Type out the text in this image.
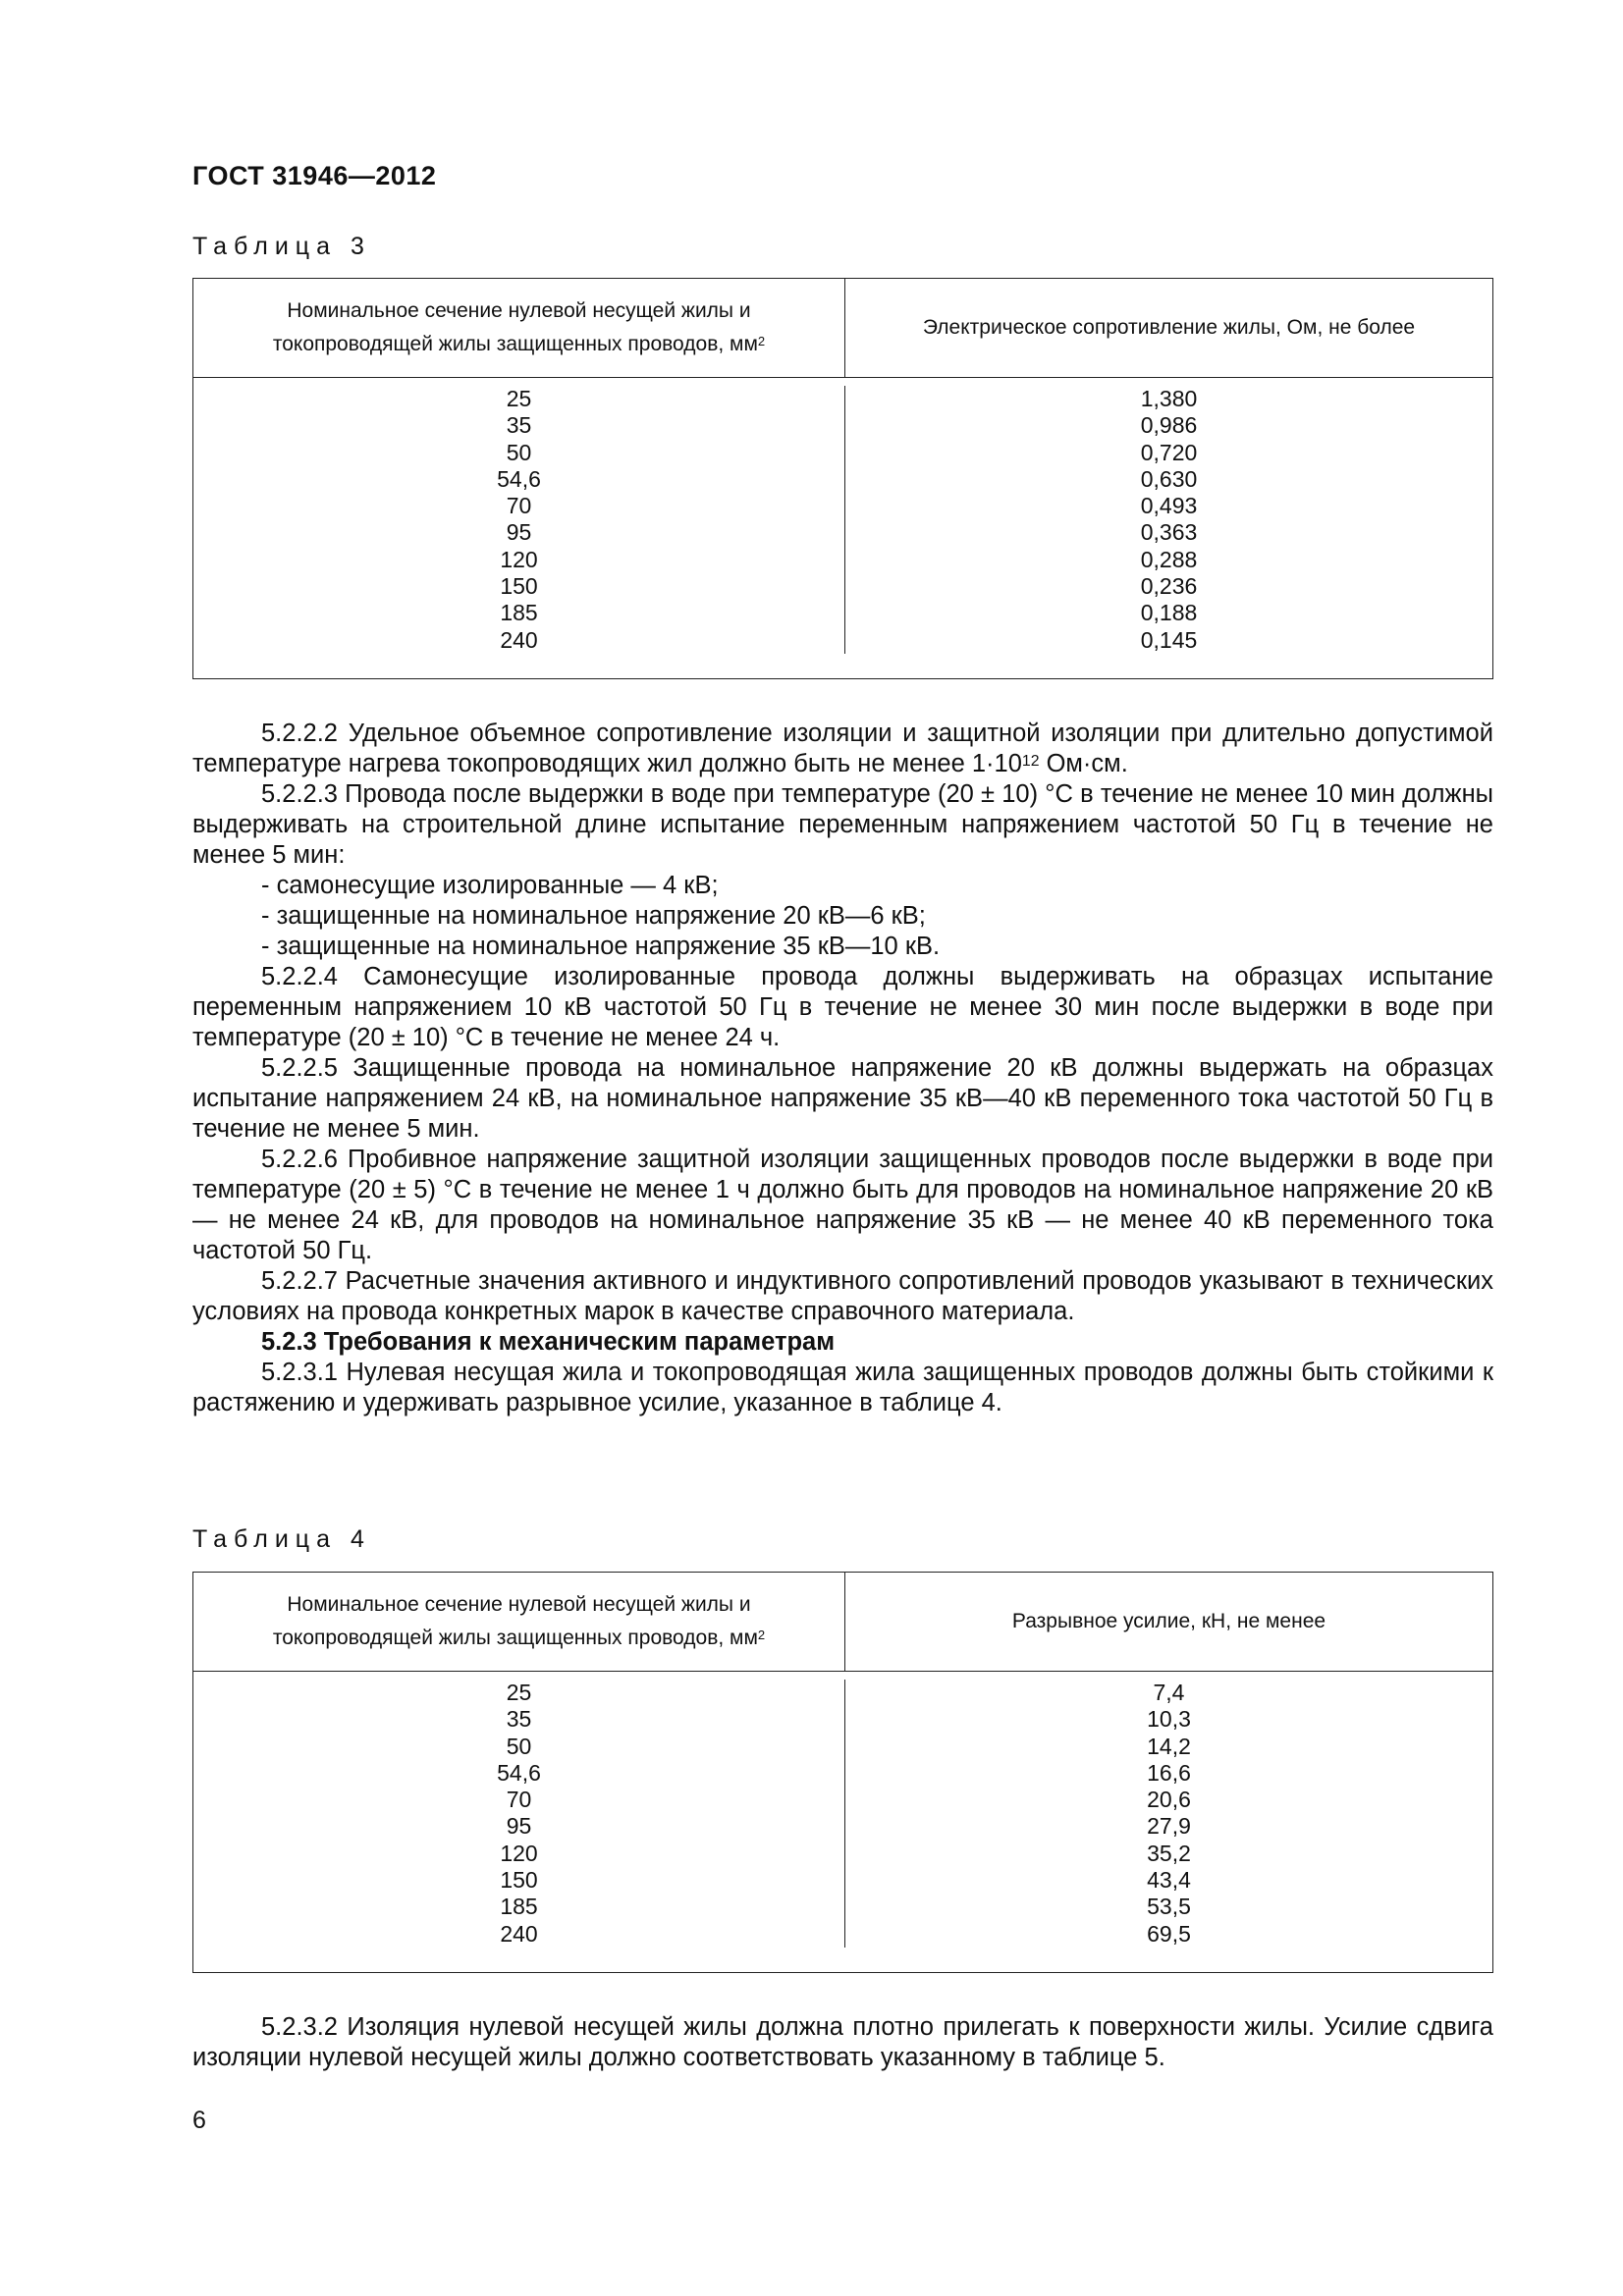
ГОСТ 31946—2012
Таблица 3
Номинальное сечение нулевой несущей жилы и
токопроводящей жилы защищенных проводов, $мм^2$
Электрическое сопротивление жилы, Ом, не более
25
35
50
54,6
70
95
120
150
185
240
1,380
0,986
0,720
0,630
0,493
0,363
0,288
0,236
0,188
0,145

5.2.2.2 Удельное объемное сопротивление изоляции и защитной изоляции при длительно допустимой температуре нагрева токопроводящих жил должно быть не менее $1\cdot 10^{12}$ Ом·см.

5.2.2.3 Провода после выдержки в воде при температуре (20 ± 10) °С в течение не менее 10 мин должны выдерживать на строительной длине испытание переменным напряжением частотой 50 Гц в течение не менее 5 мин:

- самонесущие изолированные — 4 кВ;

- защищенные на номинальное напряжение 20 кВ—6 кВ;

- защищенные на номинальное напряжение 35 кВ—10 кВ.

5.2.2.4 Самонесущие изолированные провода должны выдерживать на образцах испытание переменным напряжением 10 кВ частотой 50 Гц в течение не менее 30 мин после выдержки в воде при температуре (20 ± 10) °С в течение не менее 24 ч.

5.2.2.5 Защищенные провода на номинальное напряжение 20 кВ должны выдержать на образцах испытание напряжением 24 кВ, на номинальное напряжение 35 кВ—40 кВ переменного тока частотой 50 Гц в течение не менее 5 мин.

5.2.2.6 Пробивное напряжение защитной изоляции защищенных проводов после выдержки в воде при температуре (20 ± 5) °С в течение не менее 1 ч должно быть для проводов на номинальное напряжение 20 кВ — не менее 24 кВ, для проводов на номинальное напряжение 35 кВ — не менее 40 кВ переменного тока частотой 50 Гц.

5.2.2.7 Расчетные значения активного и индуктивного сопротивлений проводов указывают в технических условиях на провода конкретных марок в качестве справочного материала.

5.2.3 Требования к механическим параметрам

5.2.3.1 Нулевая несущая жила и токопроводящая жила защищенных проводов должны быть стойкими к растяжению и удерживать разрывное усилие, указанное в таблице 4.

Таблица 4
Номинальное сечение нулевой несущей жилы и
токопроводящей жилы защищенных проводов, $мм^2$
Разрывное усилие, кН, не менее
25
35
50
54,6
70
95
120
150
185
240
7,4
10,3
14,2
16,6
20,6
27,9
35,2
43,4
53,5
69,5

5.2.3.2 Изоляция нулевой несущей жилы должна плотно прилегать к поверхности жилы. Усилие сдвига изоляции нулевой несущей жилы должно соответствовать указанному в таблице 5.

6
